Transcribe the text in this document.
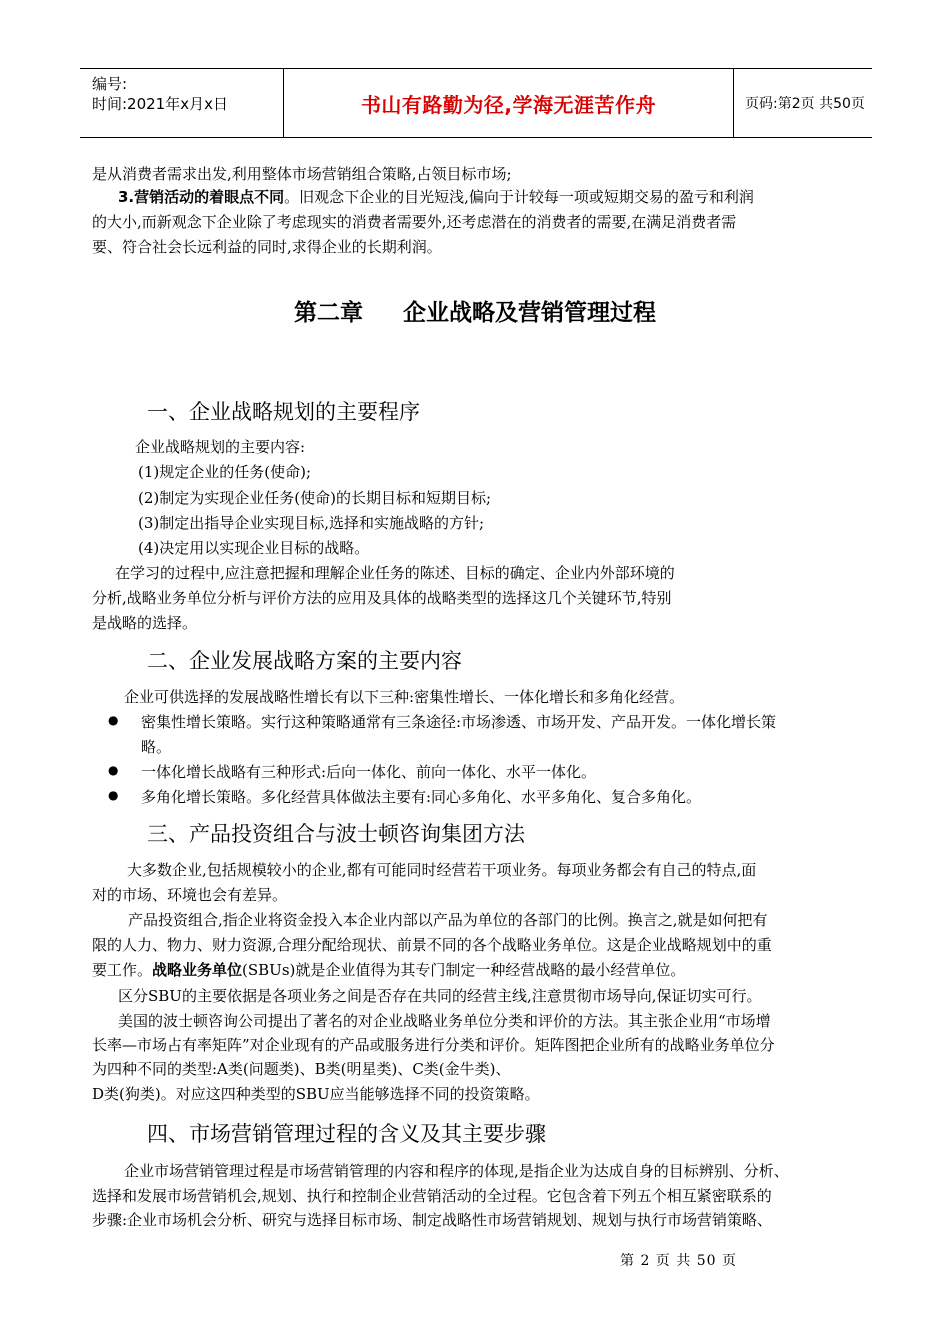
编号:
时间:2021年x月x日	书山有路勤为径,学海无涯苦作舟	页码:第2页 共50页
是从消费者需求出发,利用整体市场营销组合策略,占领目标市场;
3.营销活动的着眼点不同。旧观念下企业的目光短浅,偏向于计较每一项或短期交易的盈亏和利润
的大小,而新观念下企业除了考虑现实的消费者需要外,还考虑潜在的消费者的需要,在满足消费者需
要、符合社会长远利益的同时,求得企业的长期利润。
第二章 企业战略及营销管理过程
一、企业战略规划的主要程序
企业战略规划的主要内容:
(1)规定企业的任务(使命);
(2)制定为实现企业任务(使命)的长期目标和短期目标;
(3)制定出指导企业实现目标,选择和实施战略的方针;
(4)决定用以实现企业目标的战略。
在学习的过程中,应注意把握和理解企业任务的陈述、目标的确定、企业内外部环境的
分析,战略业务单位分析与评价方法的应用及具体的战略类型的选择这几个关键环节,特别
是战略的选择。
二、企业发展战略方案的主要内容
企业可供选择的发展战略性增长有以下三种:密集性增长、一体化增长和多角化经营。
● 密集性增长策略。实行这种策略通常有三条途径:市场渗透、市场开发、产品开发。一体化增长策
略。
● 一体化增长战略有三种形式:后向一体化、前向一体化、水平一体化。
● 多角化增长策略。多化经营具体做法主要有:同心多角化、水平多角化、复合多角化。
三、产品投资组合与波士顿咨询集团方法
大多数企业,包括规模较小的企业,都有可能同时经营若干项业务。每项业务都会有自己的特点,面
对的市场、环境也会有差异。
产品投资组合,指企业将资金投入本企业内部以产品为单位的各部门的比例。换言之,就是如何把有
限的人力、物力、财力资源,合理分配给现状、前景不同的各个战略业务单位。这是企业战略规划中的重
要工作。战略业务单位(SBUs)就是企业值得为其专门制定一种经营战略的最小经营单位。
区分SBU的主要依据是各项业务之间是否存在共同的经营主线,注意贯彻市场导向,保证切实可行。
美国的波士顿咨询公司提出了著名的对企业战略业务单位分类和评价的方法。其主张企业用“市场增
长率—市场占有率矩阵”对企业现有的产品或服务进行分类和评价。矩阵图把企业所有的战略业务单位分
为四种不同的类型:A类(问题类)、B类(明星类)、C类(金牛类)、
D类(狗类)。对应这四种类型的SBU应当能够选择不同的投资策略。
四、市场营销管理过程的含义及其主要步骤
企业市场营销管理过程是市场营销管理的内容和程序的体现,是指企业为达成自身的目标辨别、分析、
选择和发展市场营销机会,规划、执行和控制企业营销活动的全过程。它包含着下列五个相互紧密联系的
步骤:企业市场机会分析、研究与选择目标市场、制定战略性市场营销规划、规划与执行市场营销策略、
第 2 页 共 50 页
